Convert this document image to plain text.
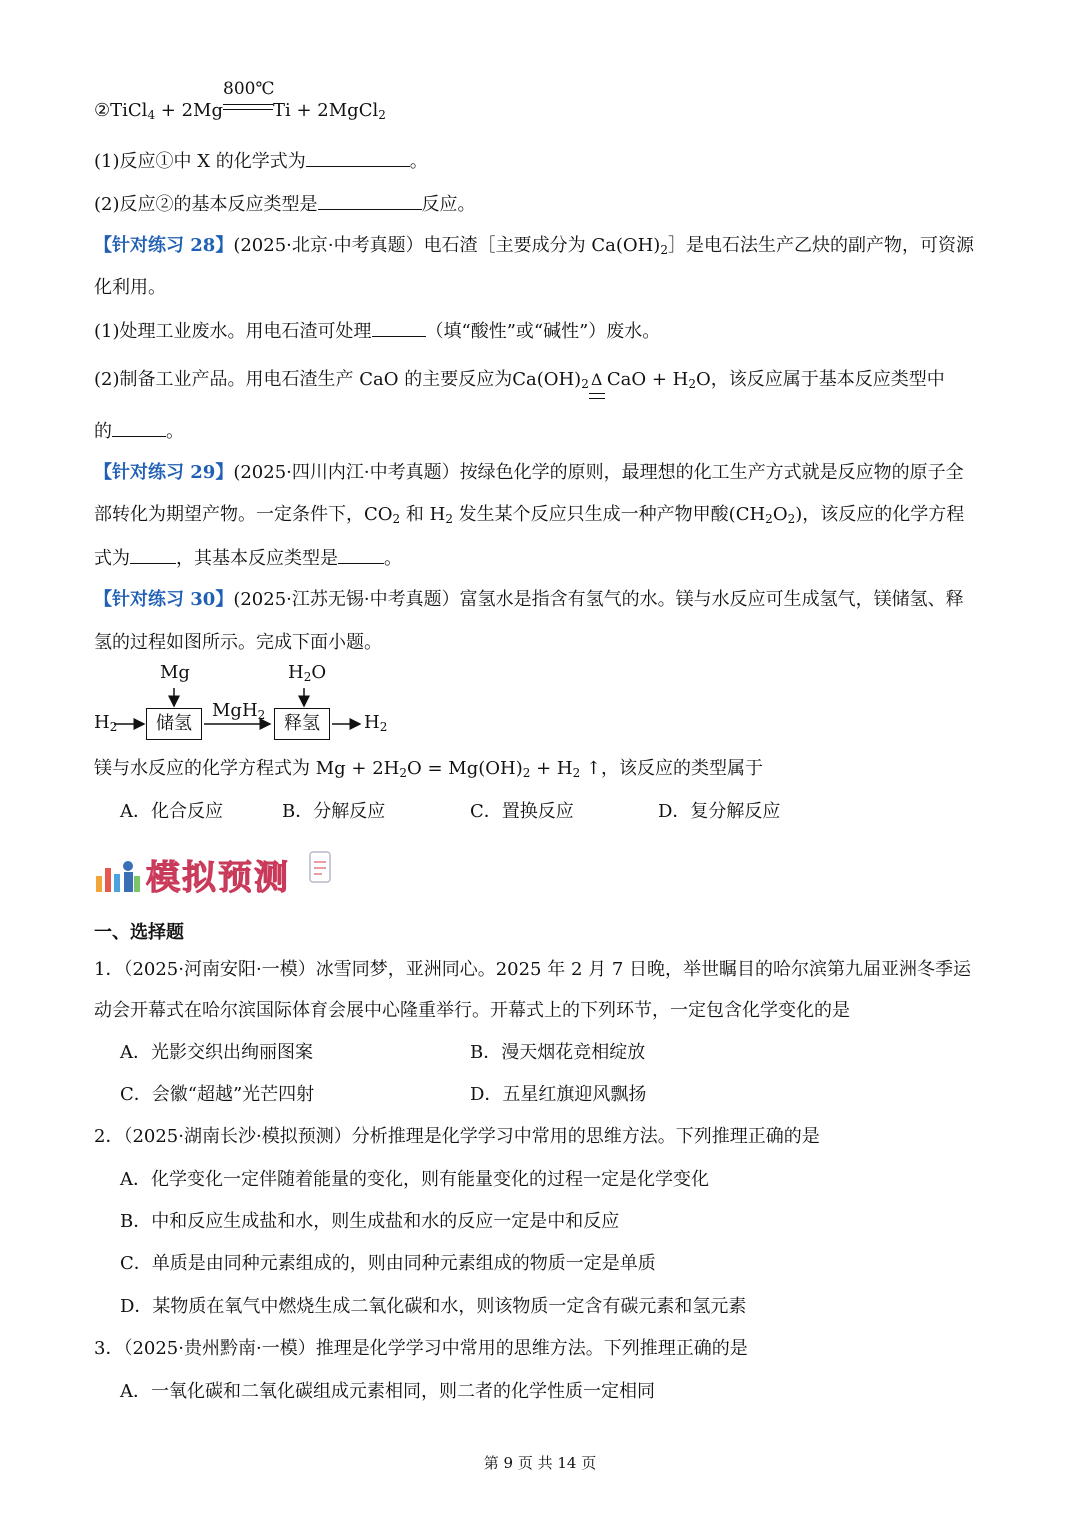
②TiCl$_4$ + 2Mg
800℃
Ti + 2MgCl$_2$
(1)反应①中 X 的化学式为	。
(2)反应②的基本反应类型是	反应。
【针对练习 28】(2025·北京·中考真题）电石渣［主要成分为 $Ca(OH)_2]$是电石法生产乙炔的副产物，可资源
化利用。
(1)处理工业废水。用电石渣可处理	（填“酸性”或“碱性”）废水。
(2)制备工业产品。用电石渣生产 CaO 的主要反应为$Ca(OH)_2$ Δ CaO + $H_2O$，该反应属于基本反应类型中
的	。
【针对练习 29】(2025·四川内江·中考真题）按绿色化学的原则，最理想的化工生产方式就是反应物的原子全
部转化为期望产物。一定条件下，$CO_2$ 和 $H_2$ 发生某个反应只生成一种产物甲酸$(CH_2O_2)$，该反应的化学方程
式为	，其基本反应类型是	。
【针对练习 30】(2025·江苏无锡·中考真题）富氢水是指含有氢气的水。镁与水反应可生成氢气，镁储氢、释
氢的过程如图所示。完成下面小题。
$H_2$
Mg
储氢
MgH$_2$
$H_2O$
释氢	$H_2$
镁与水反应的化学方程式为 $Mg + 2H_2O = Mg(OH)_2 + H_2$ ↑，该反应的类型属于
A．化合反应	B．分解反应	C．置换反应	D．复分解反应
模拟预测
一、选择题
1．（2025·河南安阳·一模）冰雪同梦，亚洲同心。2025 年 2 月 7 日晚，举世瞩目的哈尔滨第九届亚洲冬季运
动会开幕式在哈尔滨国际体育会展中心隆重举行。开幕式上的下列环节，一定包含化学变化的是
A．光影交织出绚丽图案	B．漫天烟花竞相绽放
C．会徽“超越”光芒四射	D．五星红旗迎风飘扬
2．（2025·湖南长沙·模拟预测）分析推理是化学学习中常用的思维方法。下列推理正确的是
A．化学变化一定伴随着能量的变化，则有能量变化的过程一定是化学变化
B．中和反应生成盐和水，则生成盐和水的反应一定是中和反应
C．单质是由同种元素组成的，则由同种元素组成的物质一定是单质
D．某物质在氧气中燃烧生成二氧化碳和水，则该物质一定含有碳元素和氢元素
3．（2025·贵州黔南·一模）推理是化学学习中常用的思维方法。下列推理正确的是
A．一氧化碳和二氧化碳组成元素相同，则二者的化学性质一定相同
第 9 页 共 14 页
